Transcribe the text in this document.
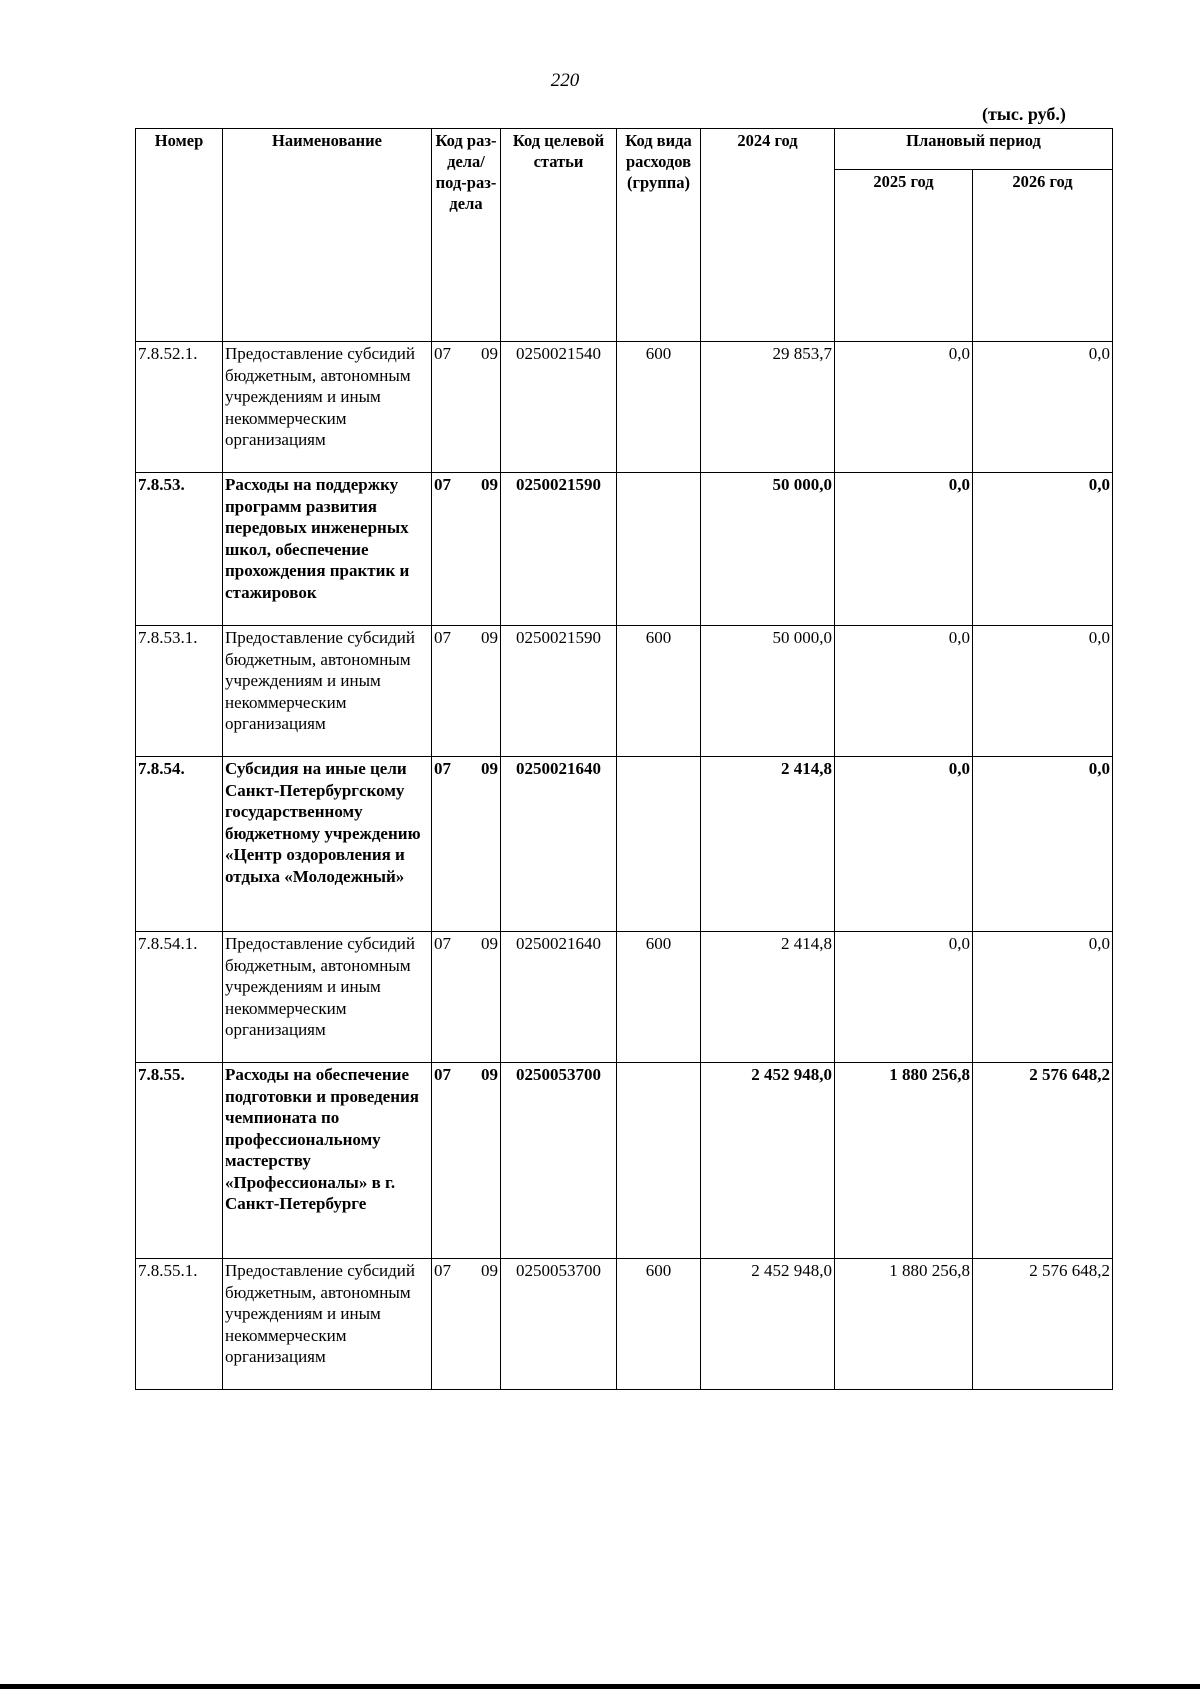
220
(тыс. руб.)
Номер	Наименование	Код раз-дела/ под-раз-дела	Код целевой статьи	Код вида расходов (группа)	2024 год	Плановый период	
						2025 год	2026 год
7.8.52.1.	Предоставление субсидий бюджетным, автономным учреждениям и иным некоммерческим организациям	07 09	0250021540	600	29 853,7	0,0	0,0
7.8.53.	Расходы на поддержку программ развития передовых инженерных школ, обеспечение прохождения практик и стажировок	07 09	0250021590		50 000,0	0,0	0,0
7.8.53.1.	Предоставление субсидий бюджетным, автономным учреждениям и иным некоммерческим организациям	07 09	0250021590	600	50 000,0	0,0	0,0
7.8.54.	Субсидия на иные цели Санкт-Петербургскому государственному бюджетному учреждению «Центр оздоровления и отдыха «Молодежный»	07 09	0250021640		2 414,8	0,0	0,0
7.8.54.1.	Предоставление субсидий бюджетным, автономным учреждениям и иным некоммерческим организациям	07 09	0250021640	600	2 414,8	0,0	0,0
7.8.55.	Расходы на обеспечение подготовки и проведения чемпионата по профессиональному мастерству «Профессионалы» в г. Санкт-Петербурге	07 09	0250053700		2 452 948,0	1 880 256,8	2 576 648,2
7.8.55.1.	Предоставление субсидий бюджетным, автономным учреждениям и иным некоммерческим организациям	07 09	0250053700	600	2 452 948,0	1 880 256,8	2 576 648,2
